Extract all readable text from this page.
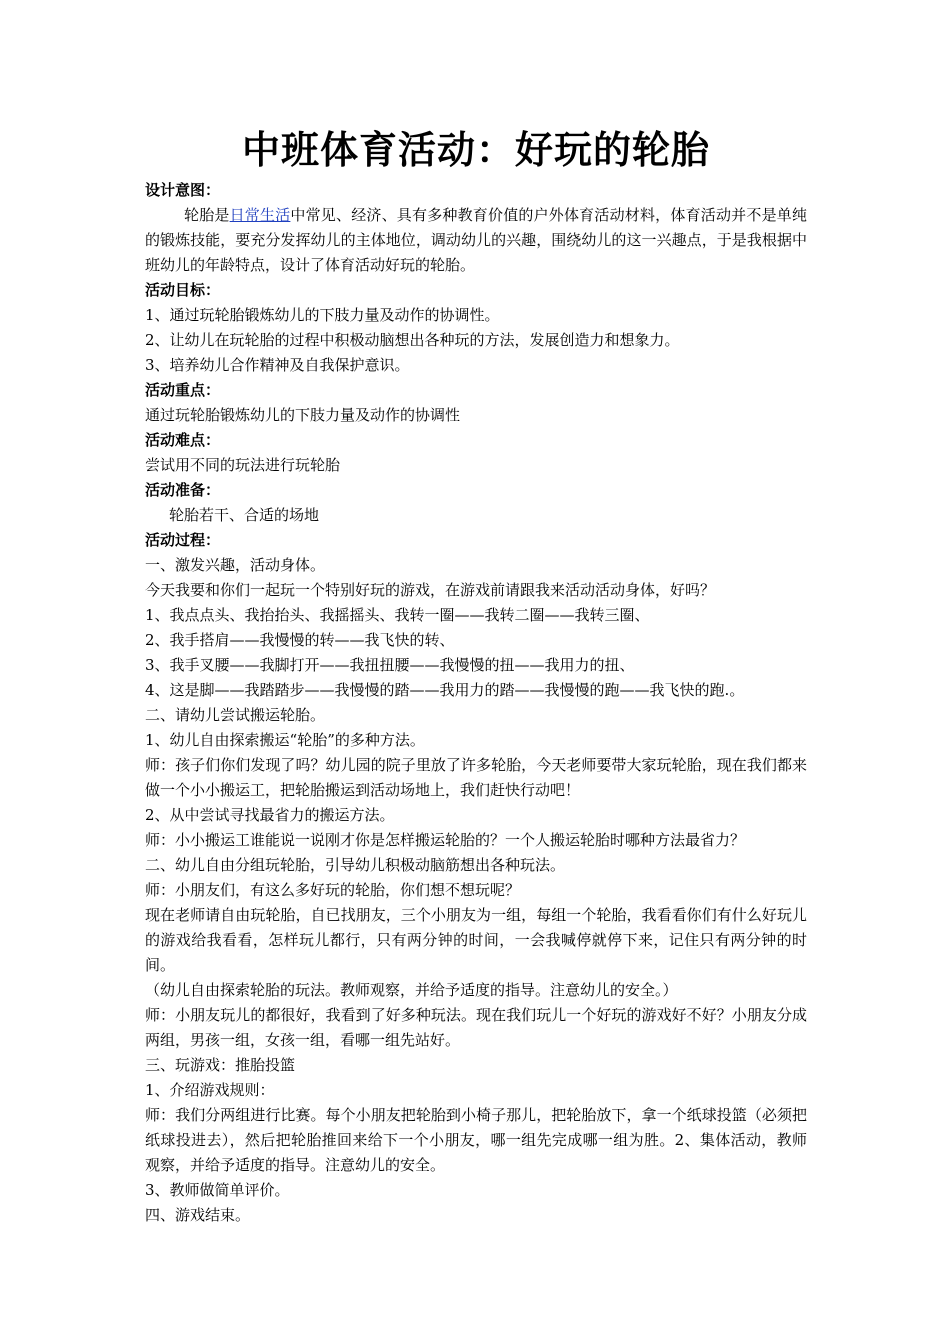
中班体育活动：好玩的轮胎
设计意图：
轮胎是日常生活中常见、经济、具有多种教育价值的户外体育活动材料，体育活动并不是单纯的锻炼技能，要充分发挥幼儿的主体地位，调动幼儿的兴趣，围绕幼儿的这一兴趣点，于是我根据中班幼儿的年龄特点，设计了体育活动好玩的轮胎。
活动目标：
1、通过玩轮胎锻炼幼儿的下肢力量及动作的协调性。
2、让幼儿在玩轮胎的过程中积极动脑想出各种玩的方法，发展创造力和想象力。
3、培养幼儿合作精神及自我保护意识。
活动重点：
通过玩轮胎锻炼幼儿的下肢力量及动作的协调性
活动难点：
尝试用不同的玩法进行玩轮胎
活动准备：
轮胎若干、合适的场地
活动过程：
一、激发兴趣，活动身体。
今天我要和你们一起玩一个特别好玩的游戏，在游戏前请跟我来活动活动身体，好吗？
1、我点点头、我抬抬头、我摇摇头、我转一圈——我转二圈——我转三圈、
2、我手搭肩——我慢慢的转——我飞快的转、
3、我手叉腰——我脚打开——我扭扭腰——我慢慢的扭——我用力的扭、
4、这是脚——我踏踏步——我慢慢的踏——我用力的踏——我慢慢的跑——我飞快的跑.。
二、请幼儿尝试搬运轮胎。
1、幼儿自由探索搬运“轮胎”的多种方法。
师：孩子们你们发现了吗？幼儿园的院子里放了许多轮胎，今天老师要带大家玩轮胎，现在我们都来做一个小小搬运工，把轮胎搬运到活动场地上，我们赶快行动吧！
2、从中尝试寻找最省力的搬运方法。
师：小小搬运工谁能说一说刚才你是怎样搬运轮胎的？一个人搬运轮胎时哪种方法最省力？
二、幼儿自由分组玩轮胎，引导幼儿积极动脑筋想出各种玩法。
师：小朋友们，有这么多好玩的轮胎，你们想不想玩呢？
现在老师请自由玩轮胎，自已找朋友，三个小朋友为一组，每组一个轮胎，我看看你们有什么好玩儿的游戏给我看看，怎样玩儿都行，只有两分钟的时间，一会我喊停就停下来，记住只有两分钟的时间。
（幼儿自由探索轮胎的玩法。教师观察，并给予适度的指导。注意幼儿的安全。）
师：小朋友玩儿的都很好，我看到了好多种玩法。现在我们玩儿一个好玩的游戏好不好？小朋友分成两组，男孩一组，女孩一组，看哪一组先站好。
三、玩游戏：推胎投篮
1、介绍游戏规则：
师：我们分两组进行比赛。每个小朋友把轮胎到小椅子那儿，把轮胎放下，拿一个纸球投篮（必须把纸球投进去），然后把轮胎推回来给下一个小朋友，哪一组先完成哪一组为胜。2、集体活动，教师观察，并给予适度的指导。注意幼儿的安全。
3、教师做简单评价。
四、游戏结束。
